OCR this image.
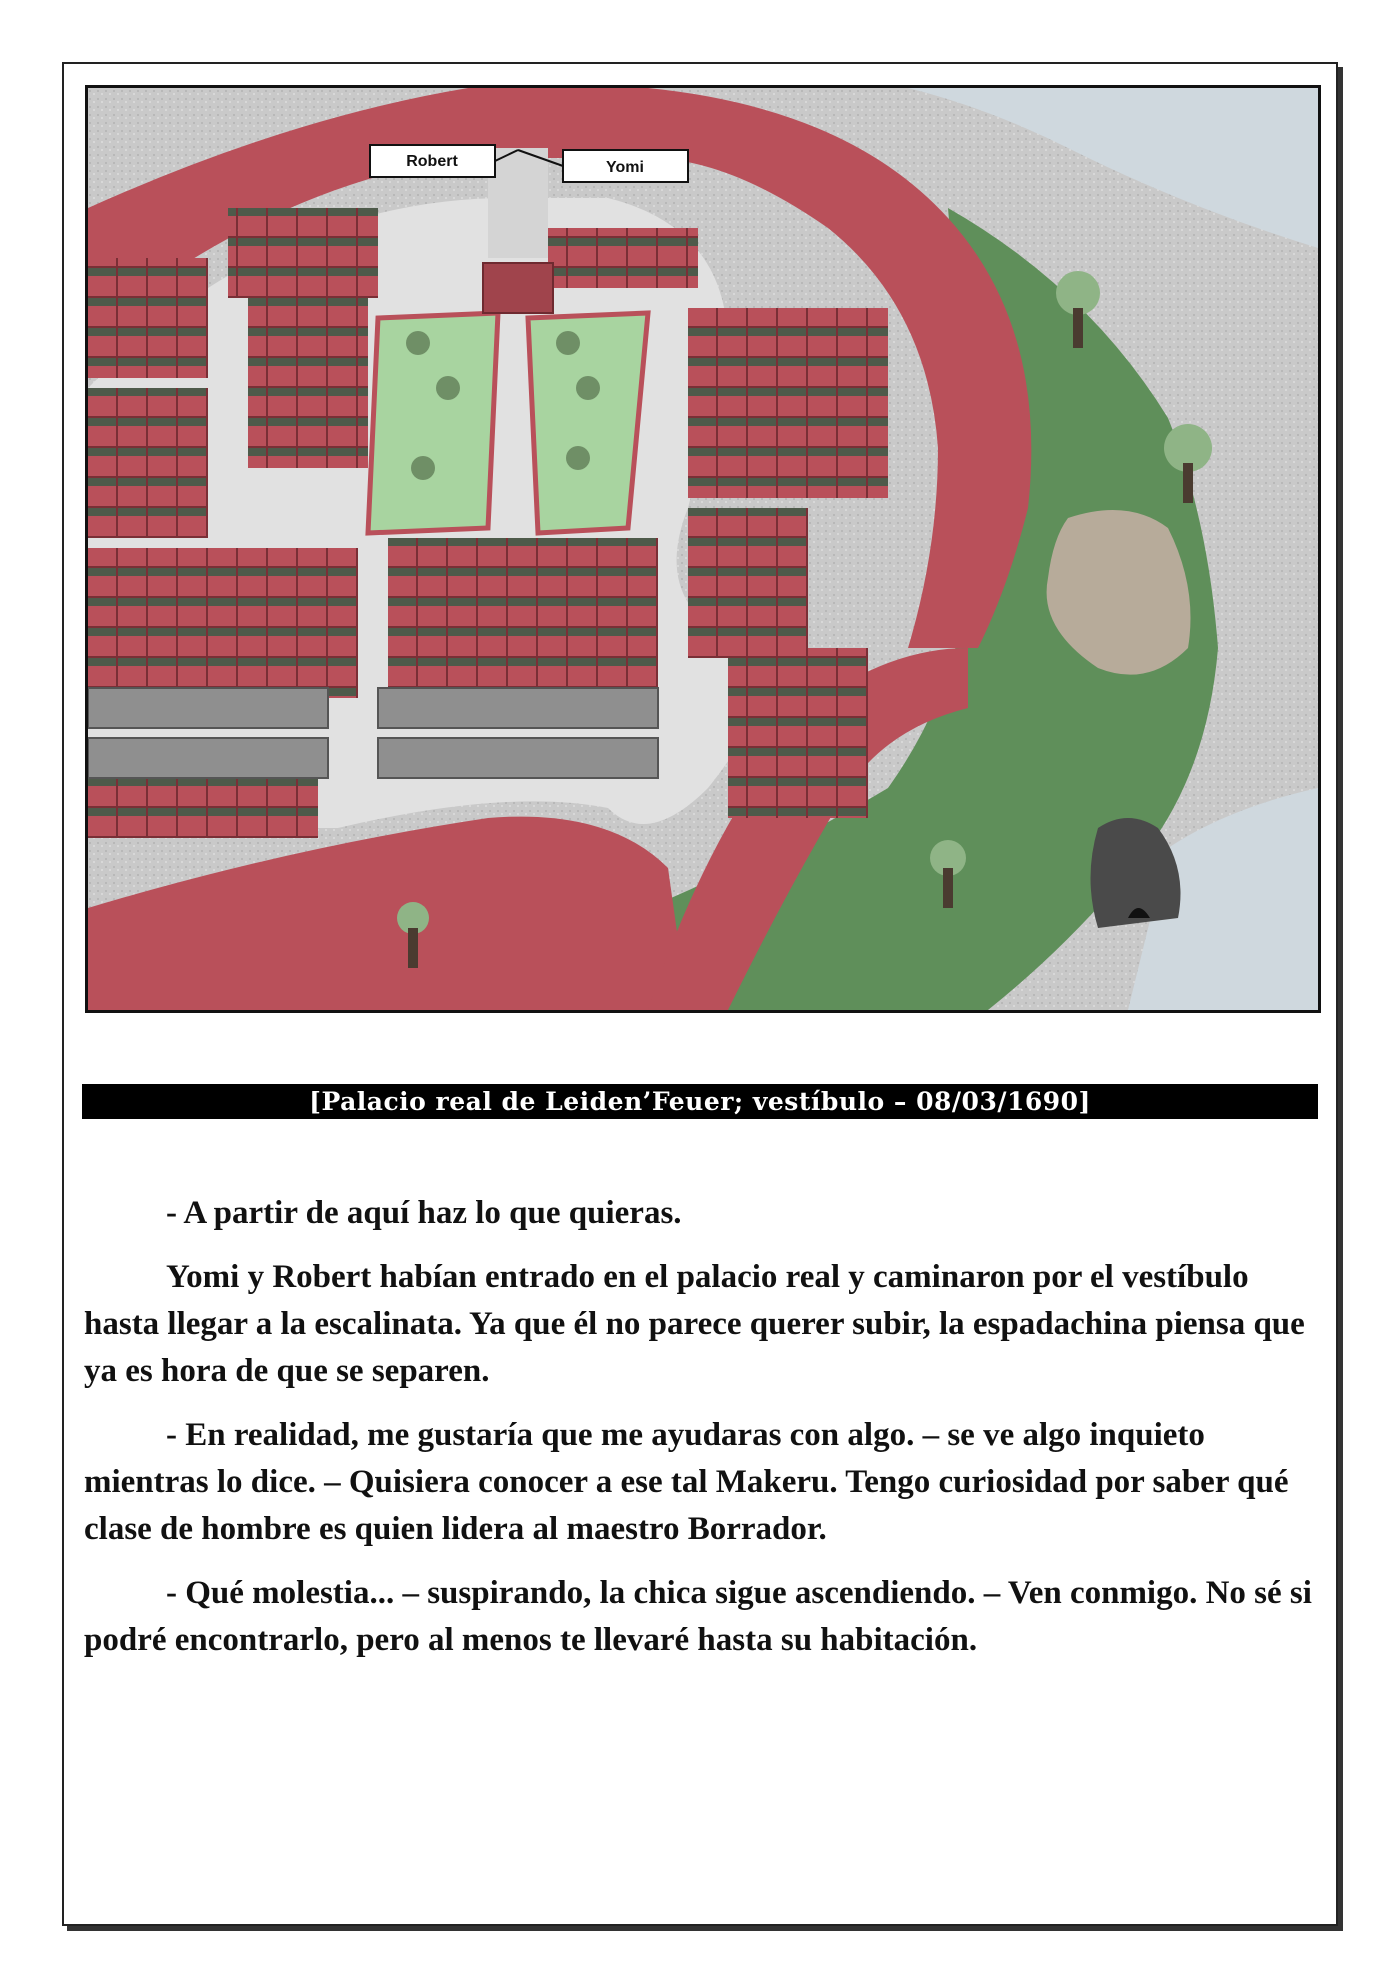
Robert	Yomi
[Palacio real de Leiden’Feuer; vestíbulo – 08/03/1690]

- A partir de aquí haz lo que quieras.

Yomi y Robert habían entrado en el palacio real y caminaron por el vestíbulo hasta llegar a la escalinata. Ya que él no parece querer subir, la espadachina piensa que ya es hora de que se separen.

- En realidad, me gustaría que me ayudaras con algo. – se ve algo inquieto mientras lo dice. – Quisiera conocer a ese tal Makeru. Tengo curiosidad por saber qué clase de hombre es quien lidera al maestro Borrador.

- Qué molestia... – suspirando, la chica sigue ascendiendo. – Ven conmigo. No sé si podré encontrarlo, pero al menos te llevaré hasta su habitación.
